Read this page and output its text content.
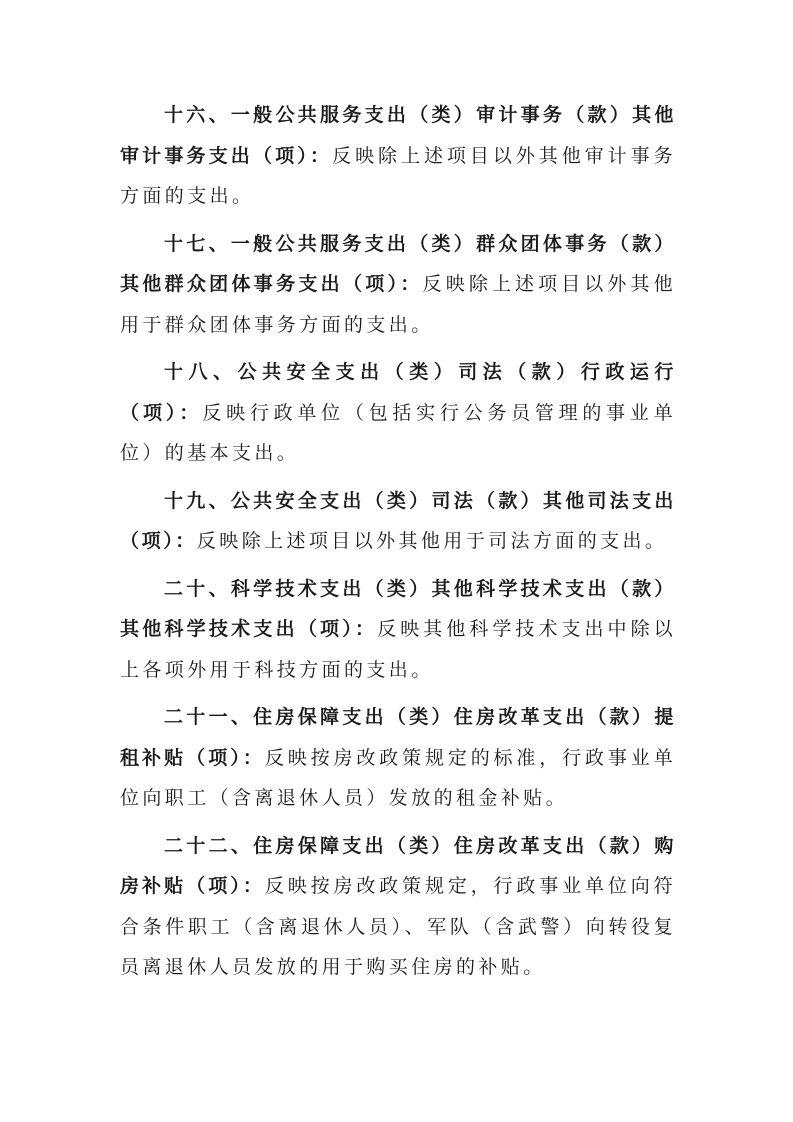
十六、一般公共服务支出（类）审计事务（款）其他审计事务支出（项）：反映除上述项目以外其他审计事务方面的支出。

十七、一般公共服务支出（类）群众团体事务（款）其他群众团体事务支出（项）：反映除上述项目以外其他用于群众团体事务方面的支出。

十八、公共安全支出（类）司法（款）行政运行（项）：反映行政单位（包括实行公务员管理的事业单位）的基本支出。

十九、公共安全支出（类）司法（款）其他司法支出（项）：反映除上述项目以外其他用于司法方面的支出。

二十、科学技术支出（类）其他科学技术支出（款）其他科学技术支出（项）：反映其他科学技术支出中除以上各项外用于科技方面的支出。

二十一、住房保障支出（类）住房改革支出（款）提租补贴（项）：反映按房改政策规定的标准，行政事业单位向职工（含离退休人员）发放的租金补贴。

二十二、住房保障支出（类）住房改革支出（款）购房补贴（项）：反映按房改政策规定，行政事业单位向符合条件职工（含离退休人员）、军队（含武警）向转役复员离退休人员发放的用于购买住房的补贴。
